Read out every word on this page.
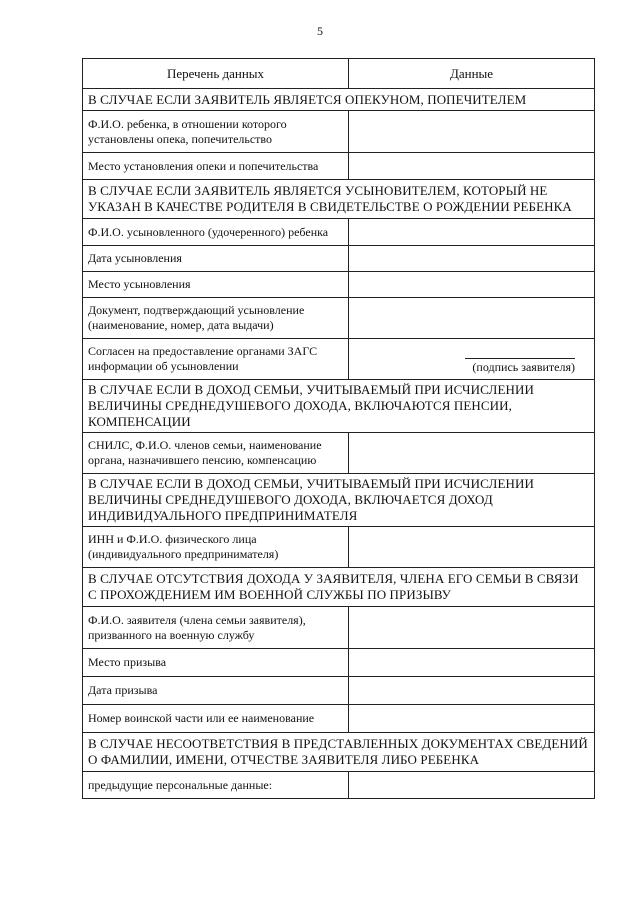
5
Перечень данных	Данные
В СЛУЧАЕ ЕСЛИ ЗАЯВИТЕЛЬ ЯВЛЯЕТСЯ ОПЕКУНОМ, ПОПЕЧИТЕЛЕМ	
Ф.И.О. ребенка, в отношении которого установлены опека, попечительство	
Место установления опеки и попечительства	
В СЛУЧАЕ ЕСЛИ ЗАЯВИТЕЛЬ ЯВЛЯЕТСЯ УСЫНОВИТЕЛЕМ, КОТОРЫЙ НЕ УКАЗАН В КАЧЕСТВЕ РОДИТЕЛЯ В СВИДЕТЕЛЬСТВЕ О РОЖДЕНИИ РЕБЕНКА	
Ф.И.О. усыновленного (удочеренного) ребенка	
Дата усыновления	
Место усыновления	
Документ, подтверждающий усыновление (наименование, номер, дата выдачи)	
Согласен на предоставление органами ЗАГС информации об усыновлении	(подпись заявителя)

В СЛУЧАЕ ЕСЛИ В ДОХОД СЕМЬИ, УЧИТЫВАЕМЫЙ ПРИ ИСЧИСЛЕНИИ ВЕЛИЧИНЫ СРЕДНЕДУШЕВОГО ДОХОДА, ВКЛЮЧАЮТСЯ ПЕНСИИ, КОМПЕНСАЦИИ	
СНИЛС, Ф.И.О. членов семьи, наименование органа, назначившего пенсию, компенсацию	
В СЛУЧАЕ ЕСЛИ В ДОХОД СЕМЬИ, УЧИТЫВАЕМЫЙ ПРИ ИСЧИСЛЕНИИ ВЕЛИЧИНЫ СРЕДНЕДУШЕВОГО ДОХОДА, ВКЛЮЧАЕТСЯ ДОХОД ИНДИВИДУАЛЬНОГО ПРЕДПРИНИМАТЕЛЯ	
ИНН и Ф.И.О. физического лица (индивидуального предпринимателя)	
В СЛУЧАЕ ОТСУТСТВИЯ ДОХОДА У ЗАЯВИТЕЛЯ, ЧЛЕНА ЕГО СЕМЬИ В СВЯЗИ С ПРОХОЖДЕНИЕМ ИМ ВОЕННОЙ СЛУЖБЫ ПО ПРИЗЫВУ	
Ф.И.О. заявителя (члена семьи заявителя), призванного на военную службу	
Место призыва	
Дата призыва	
Номер воинской части или ее наименование	
В СЛУЧАЕ НЕСООТВЕТСТВИЯ В ПРЕДСТАВЛЕННЫХ ДОКУМЕНТАХ СВЕДЕНИЙ О ФАМИЛИИ, ИМЕНИ, ОТЧЕСТВЕ ЗАЯВИТЕЛЯ ЛИБО РЕБЕНКА	
предыдущие персональные данные:	
